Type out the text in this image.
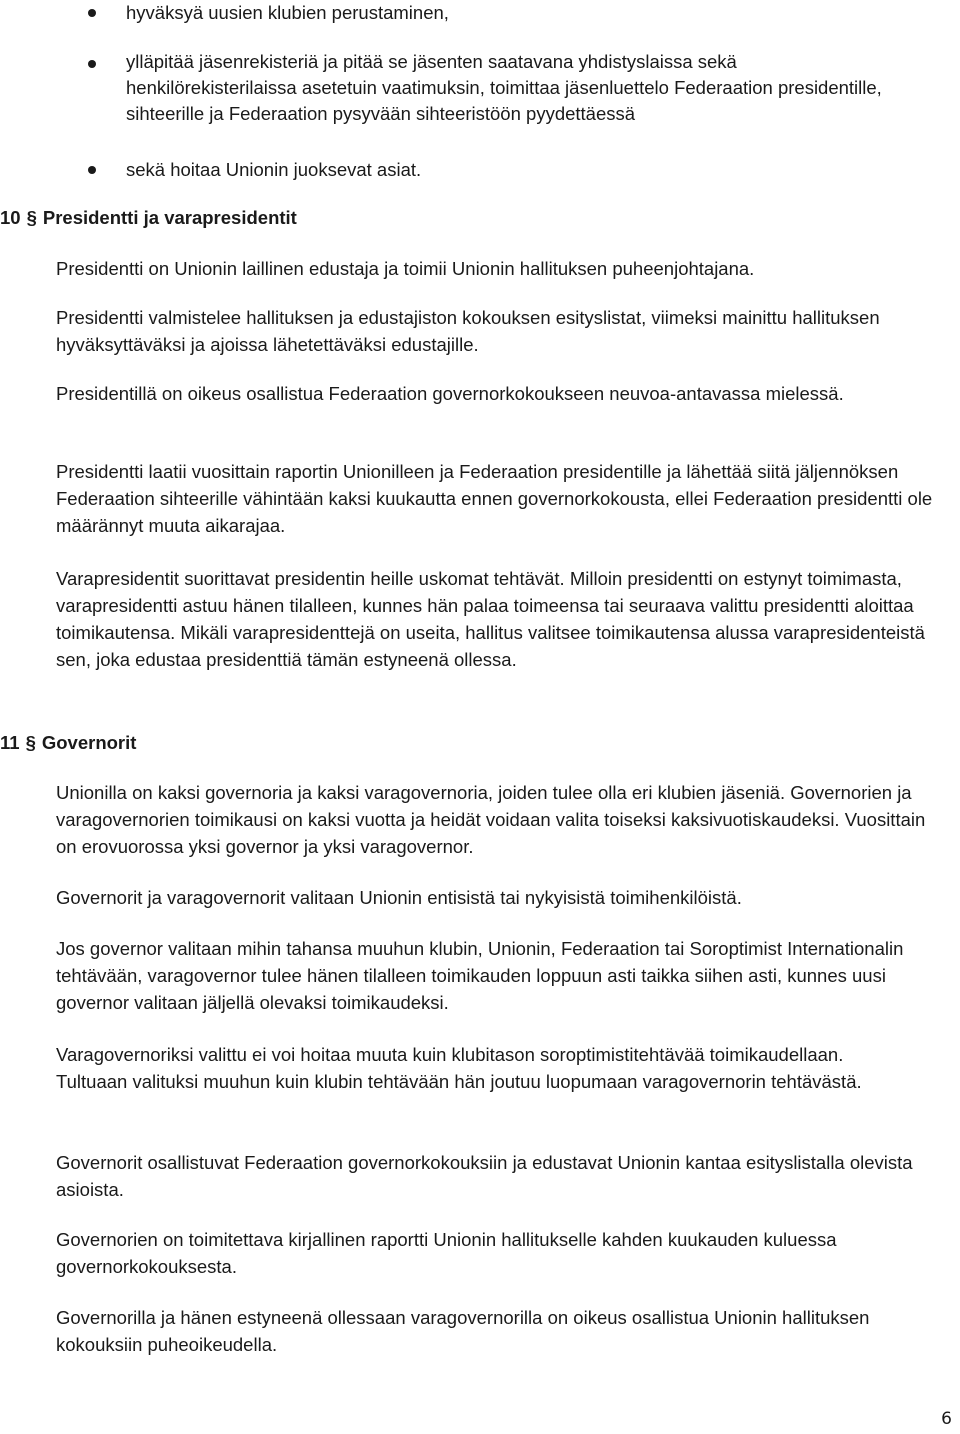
hyväksyä uusien klubien perustaminen,
ylläpitää jäsenrekisteriä ja pitää se jäsenten saatavana yhdistyslaissa sekä henkilörekisterilaissa asetetuin vaatimuksin, toimittaa jäsenluettelo Federaation presidentille, sihteerille ja Federaation pysyvään sihteeristöön pyydettäessä
sekä hoitaa Unionin juoksevat asiat.
10 § Presidentti ja varapresidentit
Presidentti on Unionin laillinen edustaja ja toimii Unionin hallituksen puheenjohtajana.
Presidentti valmistelee hallituksen ja edustajiston kokouksen esityslistat, viimeksi mainittu hallituksen hyväksyttäväksi ja ajoissa lähetettäväksi edustajille.
Presidentillä on oikeus osallistua Federaation governorkokoukseen neuvoa-antavassa mielessä.
Presidentti laatii vuosittain raportin Unionilleen ja Federaation presidentille ja lähettää siitä jäljennöksen Federaation sihteerille vähintään kaksi kuukautta ennen governorkokousta, ellei Federaation presidentti ole määrännyt muuta aikarajaa.
Varapresidentit suorittavat presidentin heille uskomat tehtävät. Milloin presidentti on estynyt toimimasta, varapresidentti astuu hänen tilalleen, kunnes hän palaa toimeensa tai seuraava valittu presidentti aloittaa toimikautensa. Mikäli varapresidenttejä on useita, hallitus valitsee toimikautensa alussa varapresidenteistä sen, joka edustaa presidenttiä tämän estyneenä ollessa.
11 § Governorit
Unionilla on kaksi governoria ja kaksi varagovernoria, joiden tulee olla eri klubien jäseniä. Governorien ja varagovernorien toimikausi on kaksi vuotta ja heidät voidaan valita toiseksi kaksivuotiskaudeksi. Vuosittain on erovuorossa yksi governor ja yksi varagovernor.
Governorit ja varagovernorit valitaan Unionin entisistä tai nykyisistä toimihenkilöistä.
Jos governor valitaan mihin tahansa muuhun klubin, Unionin, Federaation tai Soroptimist Internationalin tehtävään, varagovernor tulee hänen tilalleen toimikauden loppuun asti taikka siihen asti, kunnes uusi governor valitaan jäljellä olevaksi toimikaudeksi.
Varagovernoriksi valittu ei voi hoitaa muuta kuin klubitason soroptimistitehtävää toimikaudellaan. Tultuaan valituksi muuhun kuin klubin tehtävään hän joutuu luopumaan varagovernorin tehtävästä.
Governorit osallistuvat Federaation governorkokouksiin ja edustavat Unionin kantaa esityslistalla olevista asioista.
Governorien on toimitettava kirjallinen raportti Unionin hallitukselle kahden kuukauden kuluessa governorkokouksesta.
Governorilla ja hänen estyneenä ollessaan varagovernorilla on oikeus osallistua Unionin hallituksen kokouksiin puheoikeudella.
6
